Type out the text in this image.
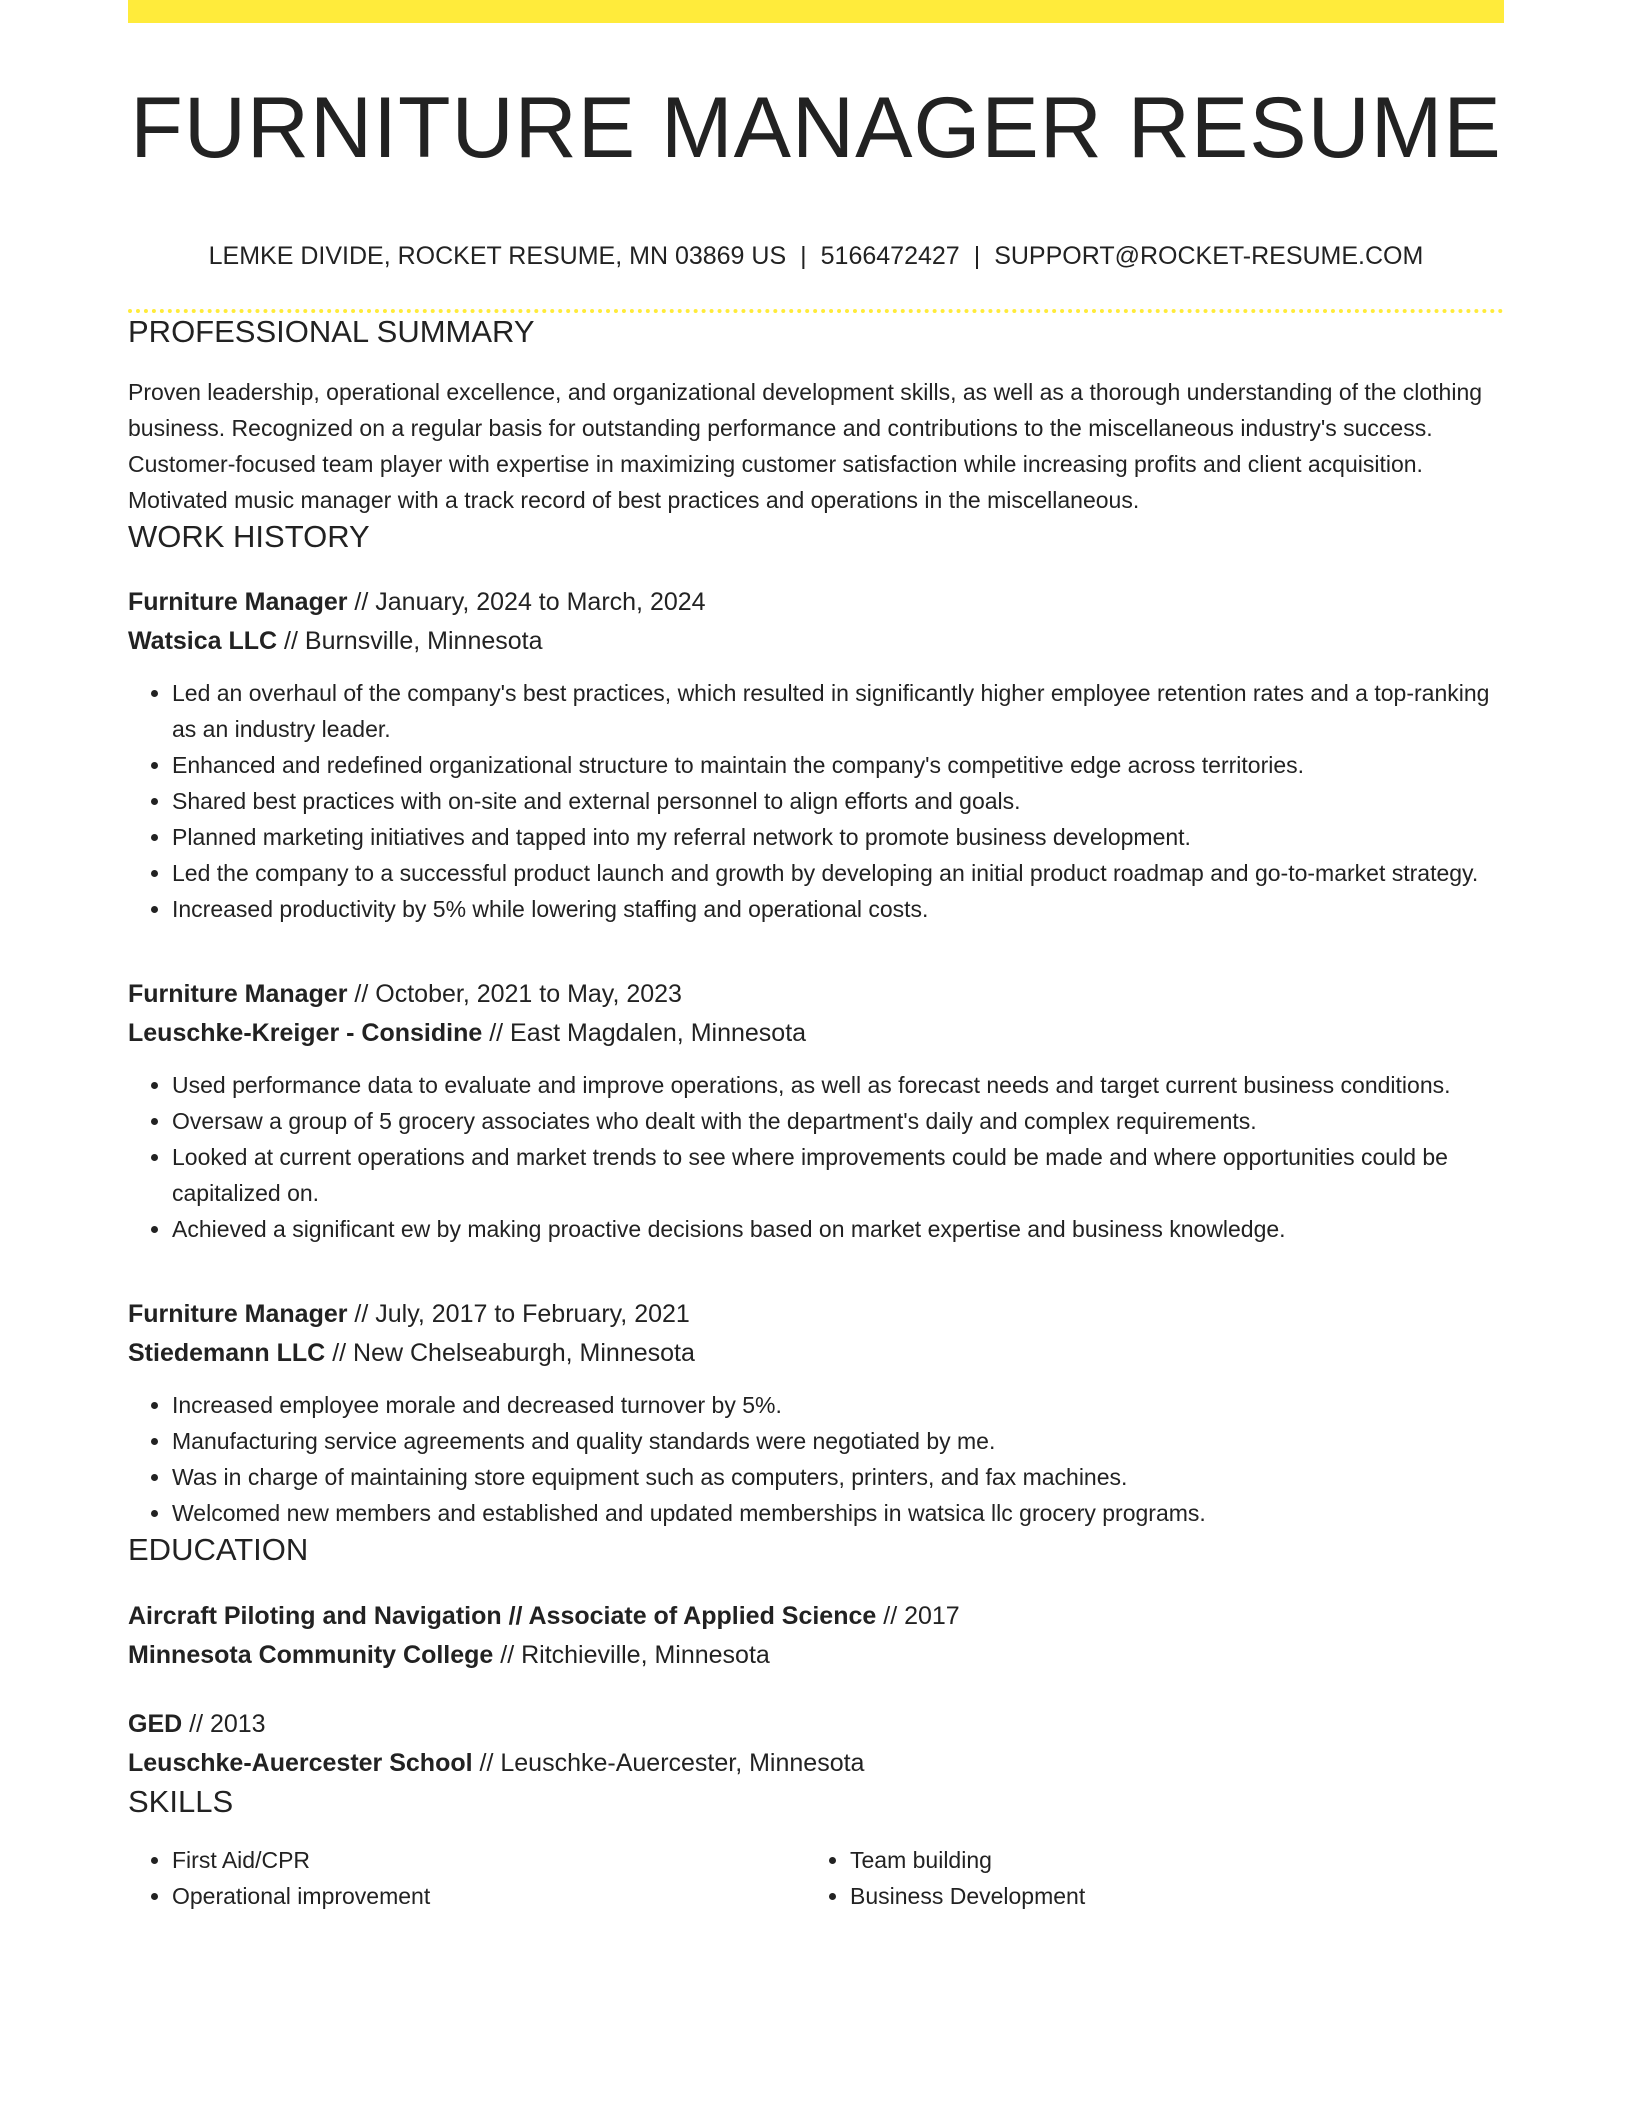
FURNITURE MANAGER RESUME
LEMKE DIVIDE, ROCKET RESUME, MN 03869 US | 5166472427 | SUPPORT@ROCKET-RESUME.COM
PROFESSIONAL SUMMARY

Proven leadership, operational excellence, and organizational development skills, as well as a thorough understanding of the clothing business. Recognized on a regular basis for outstanding performance and contributions to the miscellaneous industry's success. Customer-focused team player with expertise in maximizing customer satisfaction while increasing profits and client acquisition. Motivated music manager with a track record of best practices and operations in the miscellaneous.

WORK HISTORY
Furniture Manager // January, 2024 to March, 2024
Watsica LLC // Burnsville, Minnesota
• Led an overhaul of the company's best practices, which resulted in significantly higher employee retention rates and a top-ranking as an industry leader.
• Enhanced and redefined organizational structure to maintain the company's competitive edge across territories.
• Shared best practices with on-site and external personnel to align efforts and goals.
• Planned marketing initiatives and tapped into my referral network to promote business development.
• Led the company to a successful product launch and growth by developing an initial product roadmap and go-to-market strategy.
• Increased productivity by 5% while lowering staffing and operational costs.
Furniture Manager // October, 2021 to May, 2023
Leuschke-Kreiger - Considine // East Magdalen, Minnesota
• Used performance data to evaluate and improve operations, as well as forecast needs and target current business conditions.
• Oversaw a group of 5 grocery associates who dealt with the department's daily and complex requirements.
• Looked at current operations and market trends to see where improvements could be made and where opportunities could be capitalized on.
• Achieved a significant ew by making proactive decisions based on market expertise and business knowledge.
Furniture Manager // July, 2017 to February, 2021
Stiedemann LLC // New Chelseaburgh, Minnesota
• Increased employee morale and decreased turnover by 5%.
• Manufacturing service agreements and quality standards were negotiated by me.
• Was in charge of maintaining store equipment such as computers, printers, and fax machines.
• Welcomed new members and established and updated memberships in watsica llc grocery programs.
EDUCATION
Aircraft Piloting and Navigation // Associate of Applied Science // 2017
Minnesota Community College // Ritchieville, Minnesota
GED // 2013
Leuschke-Auercester School // Leuschke-Auercester, Minnesota
SKILLS
• First Aid/CPR
• Operational improvement
• Team building
• Business Development
